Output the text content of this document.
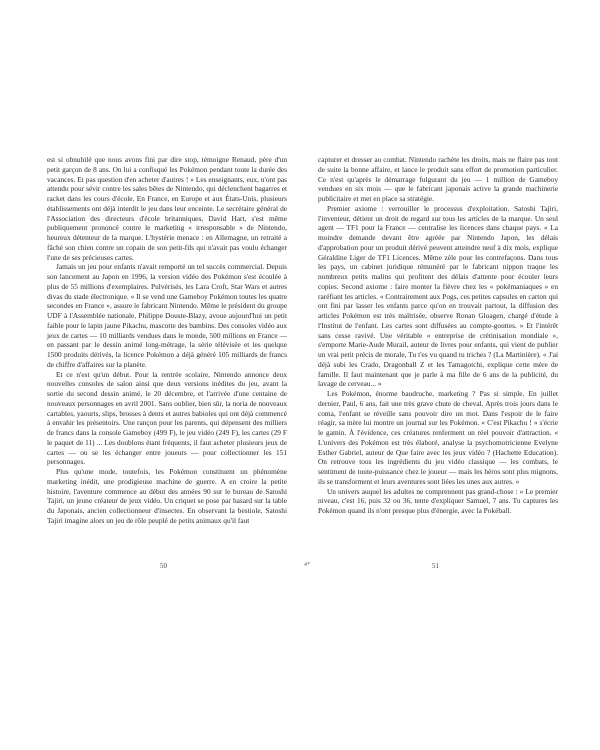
est si obnubilé que nous avons fini par dire stop, témoigne Renaud, père d'un petit garçon de 8 ans. On lui a confisqué les Pokémon pendant toute la durée des vacances. Et pas question d'en acheter d'autres ! » Les enseignants, eux, n'ont pas attendu pour sévir contre les sales bêtes de Nintendo, qui déclenchent bagarres et racket dans les cours d'école. En France, en Europe et aux États-Unis, plusieurs établissements ont déjà interdit le jeu dans leur enceinte. Le secrétaire général de l'Association des directeurs d'école britanniques, David Hart, s'est même publiquement prononcé contre le marketing « irresponsable » de Nintendo, heureux détenteur de la marque. L'hystérie menace : en Allemagne, un retraité a fâché son chien contre un copain de son petit-fils qui n'avait pas voulu échanger l'une de ses précieuses cartes.

Jamais un jeu pour enfants n'avait remporté un tel succès commercial. Depuis son lancement au Japon en 1996, la version vidéo des Pokémon s'est écoulée à plus de 55 millions d'exemplaires. Pulvérisés, les Lara Croft, Star Wars et autres divas du stade électronique. « Il se vend une Gameboy Pokémon toutes les quatre secondes en France », assure le fabricant Nintendo. Même le président du groupe UDF à l'Assemblée nationale, Philippe Douste-Blazy, avoue aujourd'hui un petit faible pour le lapin jaune Pikachu, mascotte des bambins. Des consoles vidéo aux jeux de cartes — 10 milliards vendues dans le monde, 500 millions en France — en passant par le dessin animé long-métrage, la série télévisée et les quelque 1500 produits dérivés, la licence Pokémon a déjà généré 105 milliards de francs de chiffre d'affaires sur la planète.

Et ce n'est qu'un début. Pour la rentrée scolaire, Nintendo annonce deux nouvelles consoles de salon ainsi que deux versions inédites du jeu, avant la sortie du second dessin animé, le 20 décembre, et l'arrivée d'une centaine de nouveaux personnages en avril 2001. Sans oublier, bien sûr, la noria de nouveaux cartables, yaourts, slips, brosses à dents et autres babioles qui ont déjà commencé à envahir les présentoirs. Une rançon pour les parents, qui dépensent des milliers de francs dans la console Gameboy (499 F), le jeu vidéo (249 F), les cartes (29 F le paquet de 11) ... Les doublons étant fréquents, il faut acheter plusieurs jeux de cartes — ou se les échanger entre joueurs — pour collectionner les 151 personnages.

Plus qu'une mode, toutefois, les Pokémon constituent un phénomène marketing inédit, une prodigieuse machine de guerre. A en croire la petite histoire, l'aventure commence au début des années 90 sur le bureau de Satoshi Tajiri, un jeune créateur de jeux vidéo. Un criquet se pose par hasard sur la table du Japonais, ancien collectionneur d'insectes. En observant la bestiole, Satoshi Tajiri imagine alors un jeu de rôle peuplé de petits animaux qu'il faut

50	4*

capturer et dresser au combat. Nintendo rachète les droits, mais ne flaire pas tout de suite la bonne affaire, et lance le produit sans effort de promotion particulier. Ce n'est qu'après le démarrage fulgurant du jeu — 1 million de Gameboy vendues en six mois — que le fabricant japonais active la grande machinerie publicitaire et met en place sa stratégie.

Premier axiome : verrouiller le processus d'exploitation. Satoshi Tajiri, l'inventeur, détient un droit de regard sur tous les articles de la marque. Un seul agent — TF1 pour la France — centralise les licences dans chaque pays. « La moindre demande devant être agréée par Nintendo Japon, les délais d'approbation pour un produit dérivé peuvent atteindre neuf à dix mois, explique Géraldine Liger de TF1 Licences. Même zèle pour les contrefaçons. Dans tous les pays, un cabinet juridique rémunéré par le fabricant nippon traque les nombreux petits malins qui profitent des délais d'attente pour écouler leurs copies. Second axiome : faire monter la fièvre chez les « pokémaniaques » en raréfiant les articles. « Contrairement aux Pogs, ces petites capsules en carton qui ont fini par lasser les enfants parce qu'on en trouvait partout, la diffusion des articles Pokémon est très maîtrisée, observe Ronan Gloagen, chargé d'étude à l'Institut de l'enfant. Les cartes sont diffusées au compte-gouttes. » Et l'intérêt sans cesse ravivé. Une véritable « entreprise de crétinisation mondiale », s'emporte Marie-Aude Murail, auteur de livres pour enfants, qui vient de publier un vrai petit précis de morale, Tu t'es vu quand tu triches ? (La Martinière). « J'ai déjà subi les Crado, Dragonball Z et les Tamagotchi, explique cette mère de famille. Il faut maintenant que je parle à ma fille de 6 ans de la publicité, du lavage de cerveau... »

Les Pokémon, énorme baudruche, marketing ? Pas si simple. En juillet dernier, Paul, 6 ans, fait une très grave chute de cheval. Après trois jours dans le coma, l'enfant se réveille sans pouvoir dire un mot. Dans l'espoir de le faire réagir, sa mère lui montre un journal sur les Pokémon. « C'est Pikachu ! » s'écrie le gamin. À l'évidence, ces créatures renferment un réel pouvoir d'attraction. « L'univers des Pokémon est très élaboré, analyse la psychomotricienne Evelyne Esther Gabriel, auteur de Que faire avec les jeux vidéo ? (Hachette Education). On retrouve tous les ingrédients du jeu vidéo classique — les combats, le sentiment de toute-puissance chez le joueur — mais les héros sont plus mignons, ils se transforment et leurs aventures sont liées les unes aux autres. »

Un univers auquel les adultes ne comprennent pas grand-chose : « Le premier niveau, c'est 16, puis 32 ou 36, tente d'expliquer Samuel, 7 ans. Tu captures les Pokémon quand ils n'ont presque plus d'énergie, avec la Pokéball.

51
